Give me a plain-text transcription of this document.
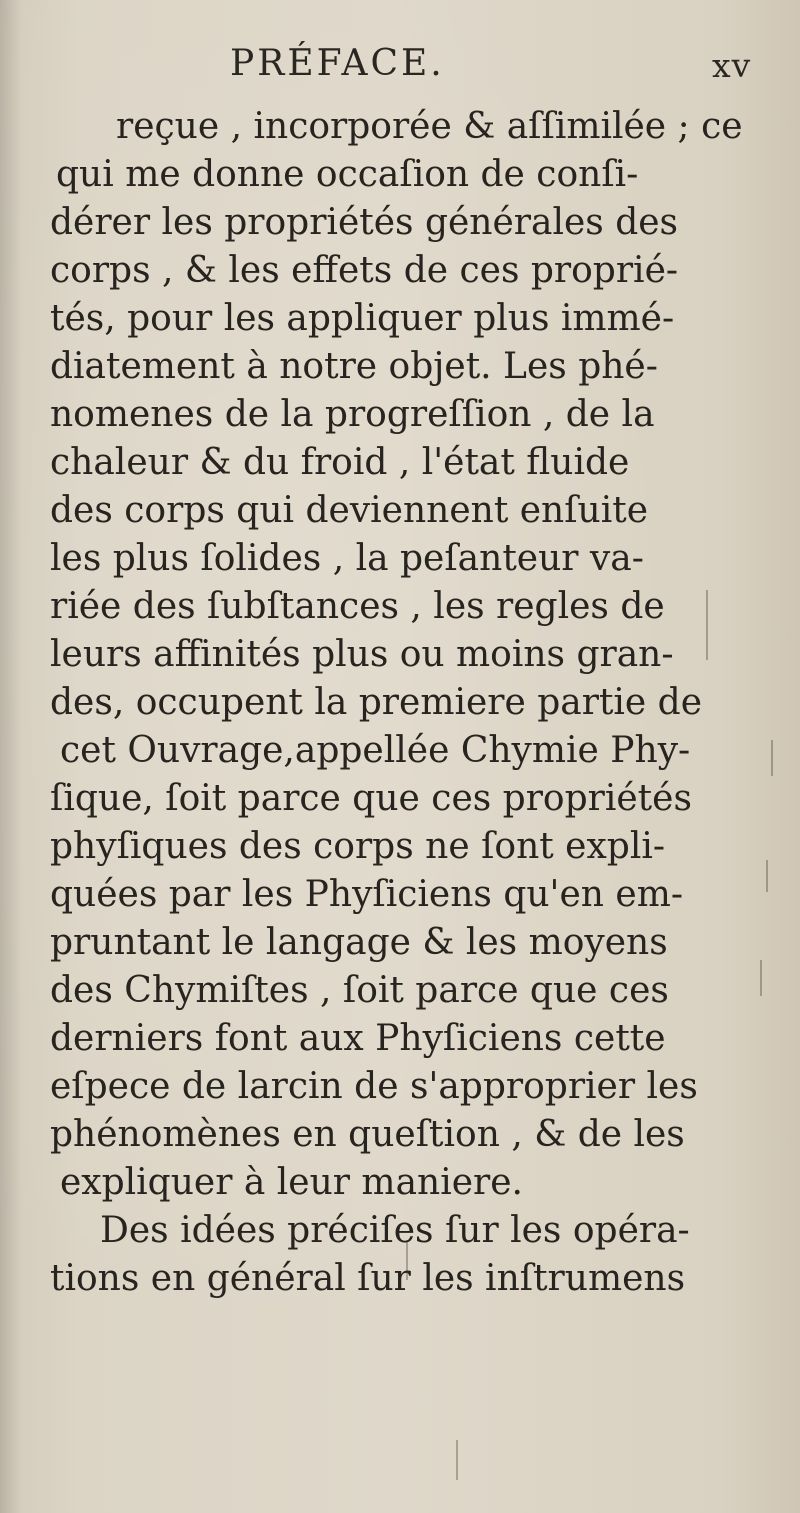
PRÉFACE.	xv
reçue , incorporée & aſſimilée ; ce
qui me donne occaſion de conſi-
dérer les propriétés générales des
corps , & les effets de ces proprié-
tés, pour les appliquer plus immé-
diatement à notre objet. Les phé-
nomenes de la progreſſion , de la
chaleur & du froid , l'état fluide
des corps qui deviennent enſuite
les plus ſolides , la peſanteur va-
riée des ſubſtances , les regles de
leurs affinités plus ou moins gran-
des, occupent la premiere partie de
cet Ouvrage,appellée Chymie Phy-
ſique, ſoit parce que ces propriétés
phyſiques des corps ne ſont expli-
quées par les Phyſiciens qu'en em-
pruntant le langage & les moyens
des Chymiſtes , ſoit parce que ces
derniers font aux Phyſiciens cette
eſpece de larcin de s'approprier les
phénomènes en queſtion , & de les
expliquer à leur maniere.
Des idées préciſes ſur les opéra-
tions en général ſur les inſtrumens
